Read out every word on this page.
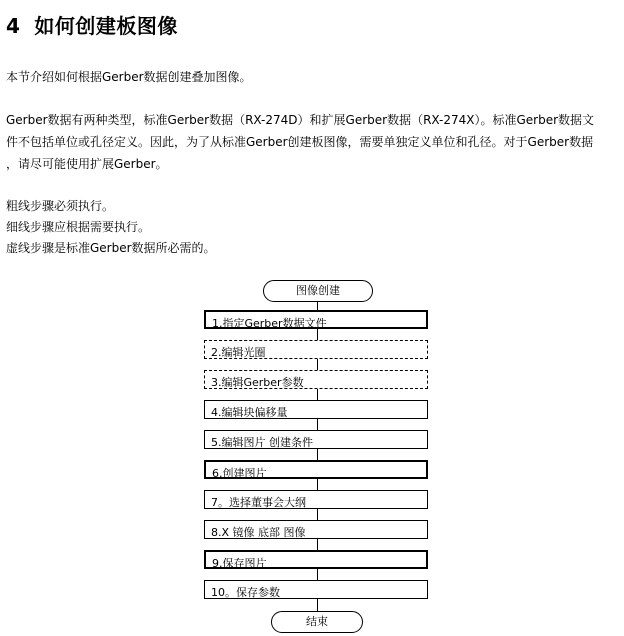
4 如何创建板图像
本节介绍如何根据Gerber数据创建叠加图像。
Gerber数据有两种类型，标准Gerber数据（RX-274D）和扩展Gerber数据（RX-274X）。标准Gerber数据文
件不包括单位或孔径定义。因此，为了从标准Gerber创建板图像，需要单独定义单位和孔径。对于Gerber数据
，请尽可能使用扩展Gerber。
粗线步骤必须执行。
细线步骤应根据需要执行。
虚线步骤是标准Gerber数据所必需的。
图像创建
1.指定Gerber数据文件
2.编辑光圈
3.编辑Gerber参数
4.编辑块偏移量
5.编辑图片 创建条件
6.创建图片
7。选择董事会大纲
8.X 镜像 底部 图像
9.保存图片
10。保存参数
结束
